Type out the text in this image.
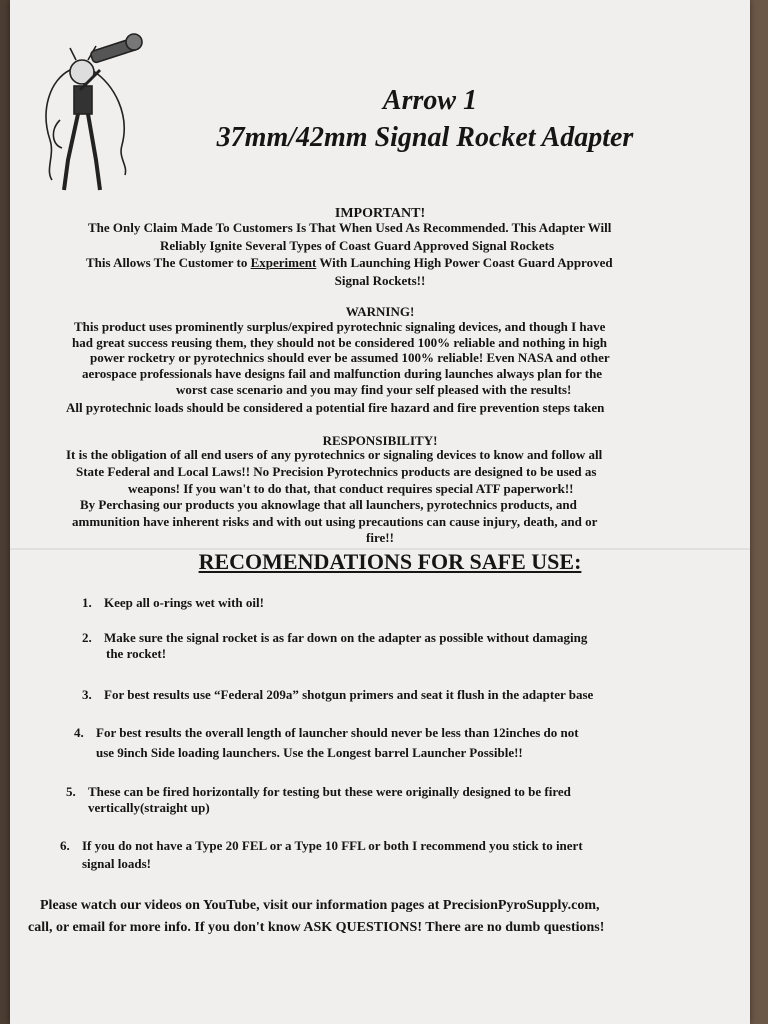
Arrow 1
37mm/42mm Signal Rocket Adapter

IMPORTANT!

The Only Claim Made To Customers Is That When Used As Recommended. This Adapter Will

Reliably Ignite Several Types of Coast Guard Approved Signal Rockets

This Allows The Customer to Experiment With Launching High Power Coast Guard Approved

Signal Rockets!!

WARNING!

This product uses prominently surplus/expired pyrotechnic signaling devices, and though I have

had great success reusing them, they should not be considered 100% reliable and nothing in high

power rocketry or pyrotechnics should ever be assumed 100% reliable! Even NASA and other

aerospace professionals have designs fail and malfunction during launches always plan for the

worst case scenario and you may find your self pleased with the results!

All pyrotechnic loads should be considered a potential fire hazard and fire prevention steps taken

RESPONSIBILITY!

It is the obligation of all end users of any pyrotechnics or signaling devices to know and follow all

State Federal and Local Laws!! No Precision Pyrotechnics products are designed to be used as

weapons! If you wan't to do that, that conduct requires special ATF paperwork!!

By Perchasing our products you aknowlage that all launchers, pyrotechnics products, and

ammunition have inherent risks and with out using precautions can cause injury, death, and or

fire!!

RECOMENDATIONS FOR SAFE USE:

1. Keep all o-rings wet with oil!

2. Make sure the signal rocket is as far down on the adapter as possible without damaging

the rocket!

3. For best results use “Federal 209a” shotgun primers and seat it flush in the adapter base

4. For best results the overall length of launcher should never be less than 12inches do not

use 9inch Side loading launchers. Use the Longest barrel Launcher Possible!!

5. These can be fired horizontally for testing but these were originally designed to be fired

vertically(straight up)

6. If you do not have a Type 20 FEL or a Type 10 FFL or both I recommend you stick to inert

signal loads!

Please watch our videos on YouTube, visit our information pages at PrecisionPyroSupply.com,

call, or email for more info. If you don't know ASK QUESTIONS! There are no dumb questions!
